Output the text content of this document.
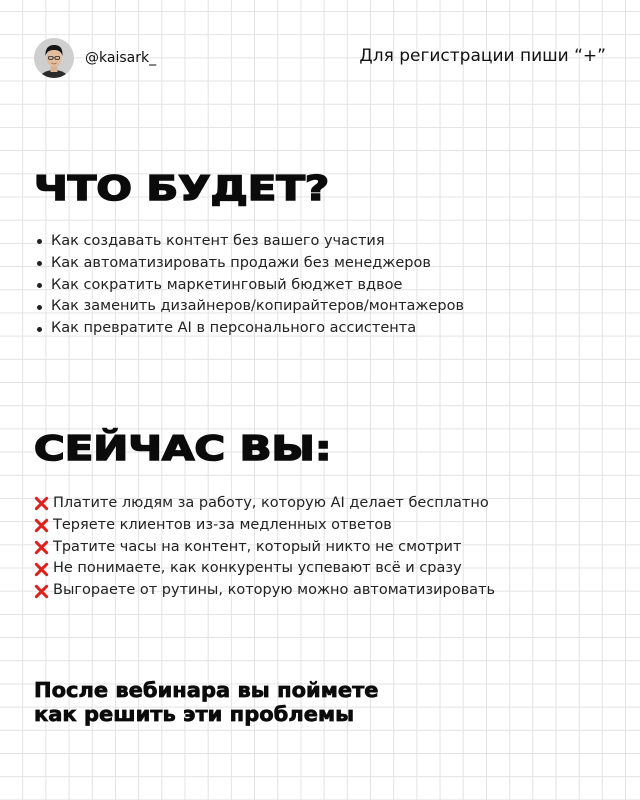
@kaisark_	Для регистрации пиши “+”
ЧТО БУДЕТ?
Как создавать контент без вашего участия
Как автоматизировать продажи без менеджеров
Как сократить маркетинговый бюджет вдвое
Как заменить дизайнеров/копирайтеров/монтажеров
Как превратите AI в персонального ассистента
СЕЙЧАС ВЫ:
Платите людям за работу, которую AI делает бесплатно
Теряете клиентов из-за медленных ответов
Тратите часы на контент, который никто не смотрит
Не понимаете, как конкуренты успевают всё и сразу
Выгораете от рутины, которую можно автоматизировать
После вебинара вы поймете
как решить эти проблемы
